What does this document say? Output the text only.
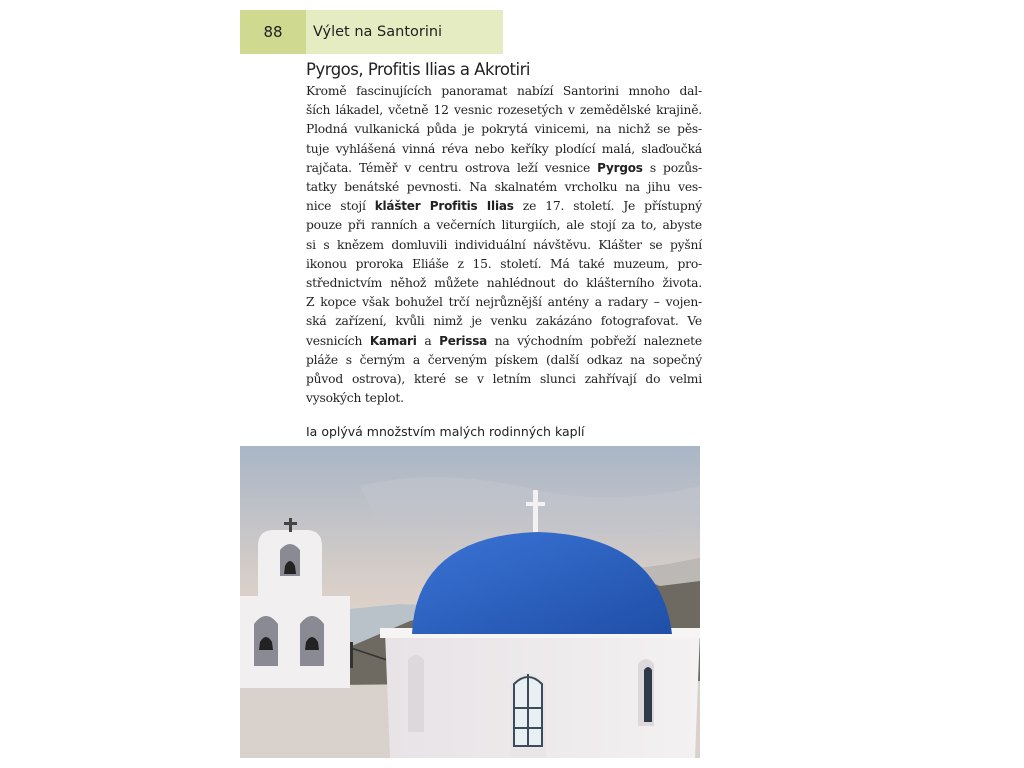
88	Výlet na Santorini
Pyrgos, Profitis Ilias a Akrotiri

Kromě fascinujících panoramat nabízí Santorini mnoho dal-
ších lákadel, včetně 12 vesnic rozesetých v zemědělské krajině.
Plodná vulkanická půda je pokrytá vinicemi, na nichž se pěs-
tuje vyhlášená vinná réva nebo keříky plodící malá, slaďoučká
rajčata. Téměř v centru ostrova leží vesnice Pyrgos s pozůs-
tatky benátské pevnosti. Na skalnatém vrcholku na jihu ves-
nice stojí klášter Profitis Ilias ze 17. století. Je přístupný
pouze při ranních a večerních liturgiích, ale stojí za to, abyste
si s knězem domluvili individuální návštěvu. Klášter se pyšní
ikonou proroka Eliáše z 15. století. Má také muzeum, pro-
střednictvím něhož můžete nahlédnout do klášterního života.
Z kopce však bohužel trčí nejrůznější antény a radary – vojen-
ská zařízení, kvůli nimž je venku zakázáno fotografovat. Ve
vesnicích Kamari a Perissa na východním pobřeží naleznete
pláže s černým a červeným pískem (další odkaz na sopečný
původ ostrova), které se v letním slunci zahřívají do velmi
vysokých teplot.

Ia oplývá množstvím malých rodinných kaplí
